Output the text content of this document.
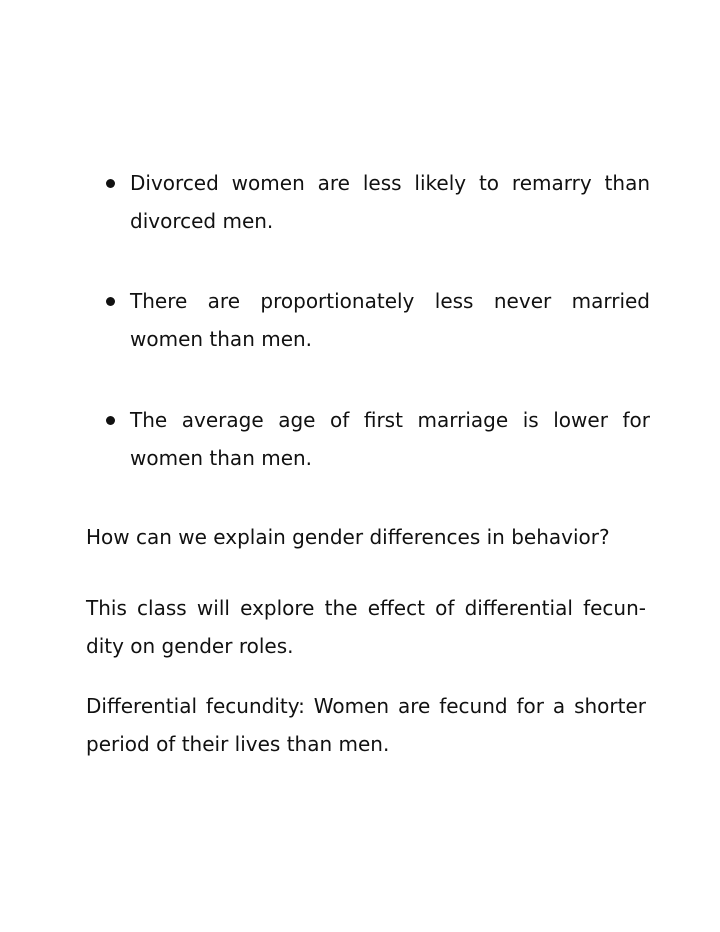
Divorced women are less likely to remarry than divorced men.
There are proportionately less never married women than men.
The average age of first marriage is lower for women than men.
How can we explain gender differences in behavior?
This class will explore the effect of differential fecun-dity on gender roles.
Differential fecundity: Women are fecund for a shorter period of their lives than men.
